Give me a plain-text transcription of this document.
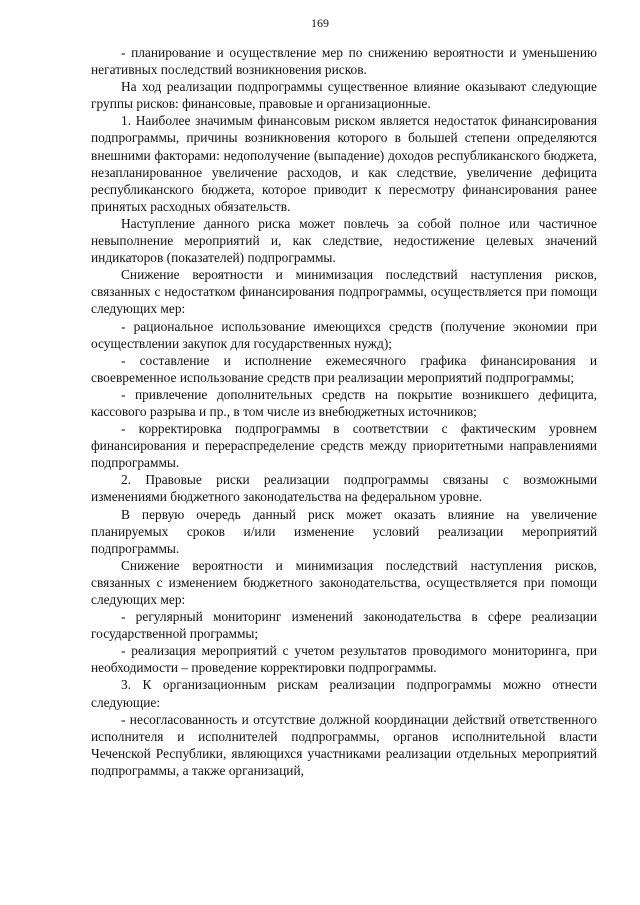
169

- планирование и осуществление мер по снижению вероятности и уменьшению негативных последствий возникновения рисков.

На ход реализации подпрограммы существенное влияние оказывают следующие группы рисков: финансовые, правовые и организационные.

1. Наиболее значимым финансовым риском является недостаток финансирования подпрограммы, причины возникновения которого в большей степени определяются внешними факторами: недополучение (выпадение) доходов республиканского бюджета, незапланированное увеличение расходов, и как следствие, увеличение дефицита республиканского бюджета, которое приводит к пересмотру финансирования ранее принятых расходных обязательств.

Наступление данного риска может повлечь за собой полное или частичное невыполнение мероприятий и, как следствие, недостижение целевых значений индикаторов (показателей) подпрограммы.

Снижение вероятности и минимизация последствий наступления рисков, связанных с недостатком финансирования подпрограммы, осуществляется при помощи следующих мер:

- рациональное использование имеющихся средств (получение экономии при осуществлении закупок для государственных нужд);

- составление и исполнение ежемесячного графика финансирования и своевременное использование средств при реализации мероприятий подпрограммы;

- привлечение дополнительных средств на покрытие возникшего дефицита, кассового разрыва и пр., в том числе из внебюджетных источников;

- корректировка подпрограммы в соответствии с фактическим уровнем финансирования и перераспределение средств между приоритетными направлениями подпрограммы.

2. Правовые риски реализации подпрограммы связаны с возможными изменениями бюджетного законодательства на федеральном уровне.

В первую очередь данный риск может оказать влияние на увеличение планируемых сроков и/или изменение условий реализации мероприятий подпрограммы.

Снижение вероятности и минимизация последствий наступления рисков, связанных с изменением бюджетного законодательства, осуществляется при помощи следующих мер:

- регулярный мониторинг изменений законодательства в сфере реализации государственной программы;

- реализация мероприятий с учетом результатов проводимого мониторинга, при необходимости – проведение корректировки подпрограммы.

3. К организационным рискам реализации подпрограммы можно отнести следующие:

- несогласованность и отсутствие должной координации действий ответственного исполнителя и исполнителей подпрограммы, органов исполнительной власти Чеченской Республики, являющихся участниками реализации отдельных мероприятий подпрограммы, а также организаций,
